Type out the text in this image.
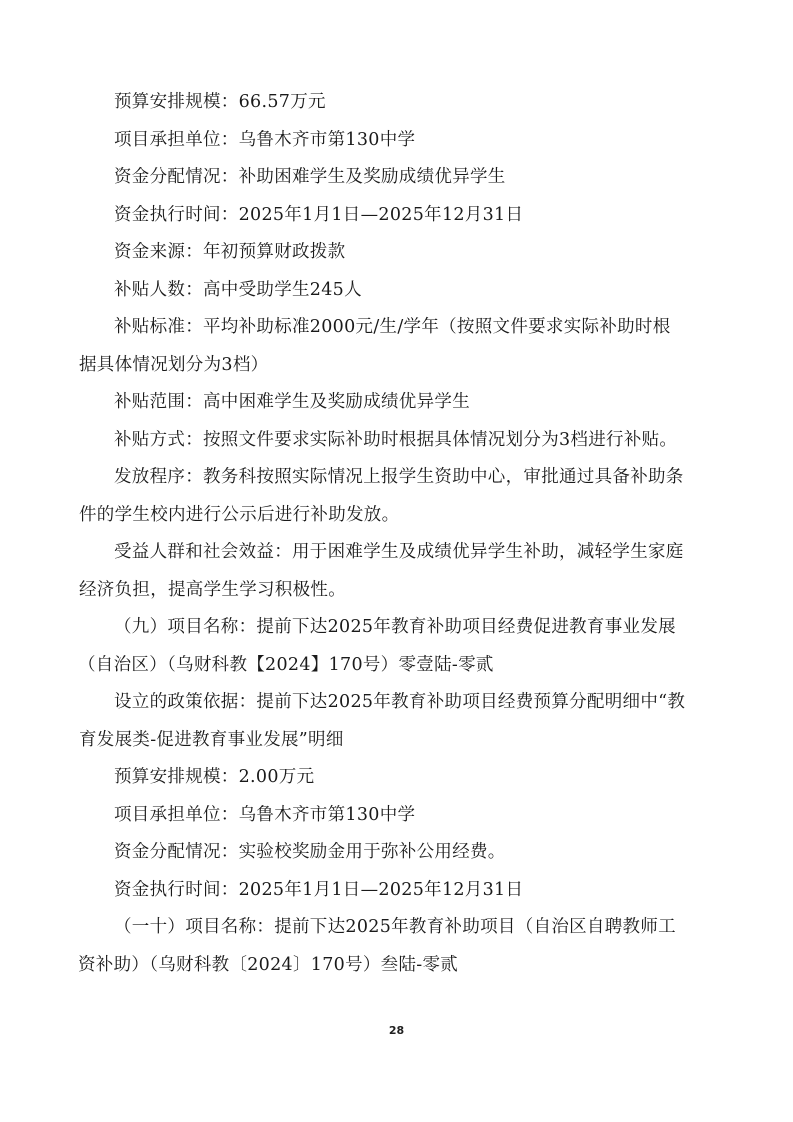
预算安排规模：66.57万元

项目承担单位：乌鲁木齐市第130中学

资金分配情况：补助困难学生及奖励成绩优异学生

资金执行时间：2025年1月1日—2025年12月31日

资金来源：年初预算财政拨款

补贴人数：高中受助学生245人

补贴标准：平均补助标准2000元/生/学年（按照文件要求实际补助时根
据具体情况划分为3档）

补贴范围：高中困难学生及奖励成绩优异学生

补贴方式：按照文件要求实际补助时根据具体情况划分为3档进行补贴。

发放程序：教务科按照实际情况上报学生资助中心，审批通过具备补助条
件的学生校内进行公示后进行补助发放。

受益人群和社会效益：用于困难学生及成绩优异学生补助，减轻学生家庭
经济负担，提高学生学习积极性。

（九）项目名称：提前下达2025年教育补助项目经费促进教育事业发展
（自治区）（乌财科教【2024】170号）零壹陆-零贰

设立的政策依据：提前下达2025年教育补助项目经费预算分配明细中“教
育发展类-促进教育事业发展”明细

预算安排规模：2.00万元

项目承担单位：乌鲁木齐市第130中学

资金分配情况：实验校奖励金用于弥补公用经费。

资金执行时间：2025年1月1日—2025年12月31日

（一十）项目名称：提前下达2025年教育补助项目（自治区自聘教师工
资补助）（乌财科教〔2024〕170号）叁陆-零贰

28
